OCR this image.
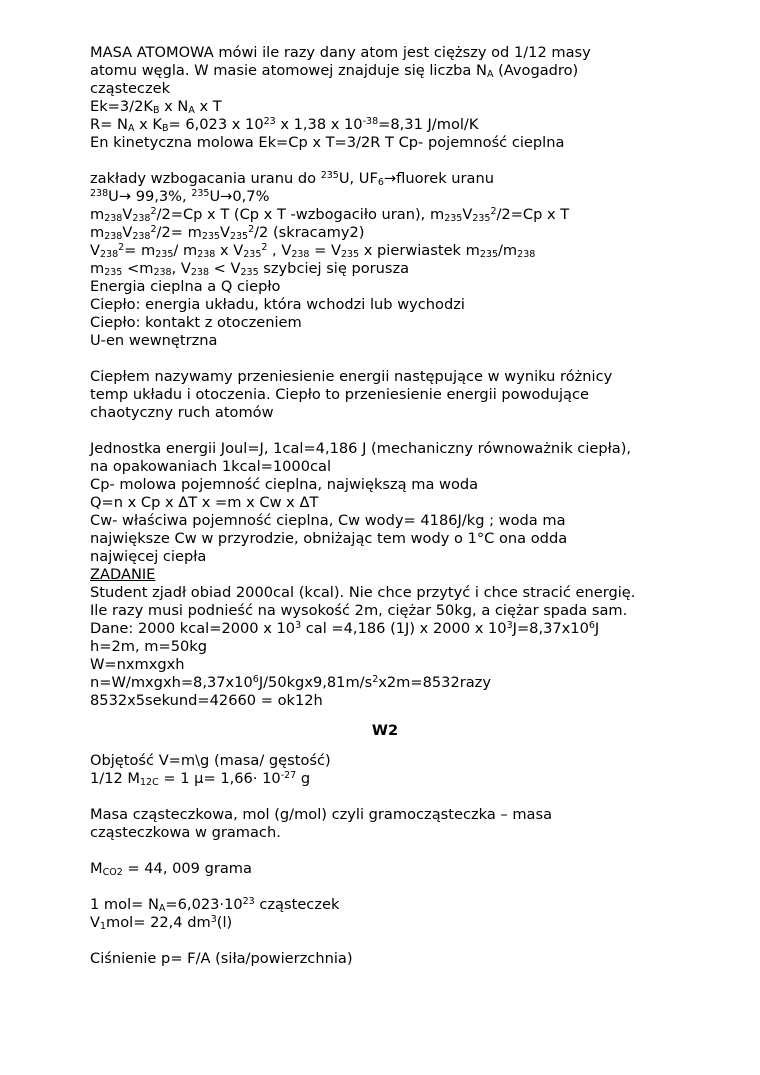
MASA ATOMOWA mówi ile razy dany atom jest cięższy od 1/12 masy
atomu węgla. W masie atomowej znajduje się liczba $N_A$ (Avogadro)
cząsteczek
$Ek=3/2K_B$ x $N_A$ x T
$R= N_A$ x $K_B= 6,023$ x $10^{23}$ x 1,38 x $10^{-38}=8,31$ J/mol/K
En kinetyczna molowa Ek=Cp x T=3/2R T Cp- pojemność cieplna
zakłady wzbogacania uranu do $^{235}$U, $UF_6\to fluorek$ uranu
$^{238}$U→ 99,3%, $^{235}$U→0,7%
$m_{238}V_{238}^2/2=Cp$ x T (Cp x T -wzbogaciło uran), $m_{235}V_{235}^2/2=Cp$ x T
$m_{238}V_{238}^2/2= m_{235}V_{235}^2/2$ (skracamy2)
$V_{238}^2= m_{235}/$ $m_{238}$ x $V_{235}^2$ , $V_{238} = V_{235}$ x pierwiastek $m_{235}/m_{238}$
$m_{235} <m_{238}$, $V_{238} < V_{235}$ szybciej się porusza
Energia cieplna a Q ciepło
Ciepło: energia układu, która wchodzi lub wychodzi
Ciepło: kontakt z otoczeniem
U-en wewnętrzna
Ciepłem nazywamy przeniesienie energii następujące w wyniku różnicy
temp układu i otoczenia. Ciepło to przeniesienie energii powodujące
chaotyczny ruch atomów
Jednostka energii Joul=J, 1cal=4,186 J (mechaniczny równoważnik ciepła),
na opakowaniach 1kcal=1000cal
Cp- molowa pojemność cieplna, największą ma woda
Q=n x Cp x ΔT x =m x Cw x ΔT
Cw- właściwa pojemność cieplna, Cw wody= 4186J/kg ; woda ma
największe Cw w przyrodzie, obniżając tem wody o 1°C ona odda
najwięcej ciepła
ZADANIE
Student zjadł obiad 2000cal (kcal). Nie chce przytyć i chce stracić energię.
Ile razy musi podnieść na wysokość 2m, ciężar 50kg, a ciężar spada sam.
Dane: 2000 kcal=2000 x $10^3$ cal =4,186 (1J) x 2000 x $10^3J=8,37x10^6J$
h=2m, m=50kg
W=nxmxgxh
$n=W/mxgxh=8,37x10^6J/50kgx9,81m/s^2x2m=8532razy$
8532x5sekund=42660 = ok12h
W2
Objętość V=m\g (masa/ gęstość)
1/12 $M_{12C} = 1$ $\mu= 1,66\cdot 10^{-27}$ g
Masa cząsteczkowa, mol (g/mol) czyli gramocząsteczka – masa
cząsteczkowa w gramach.
$M_{CO2} = 44$, 009 grama
1 $mol= N_A=6,023\cdot 10^{23}$ cząsteczek
$V_1mol= 22,4$ $dm^3(l)$
Ciśnienie p= F/A (siła/powierzchnia)
